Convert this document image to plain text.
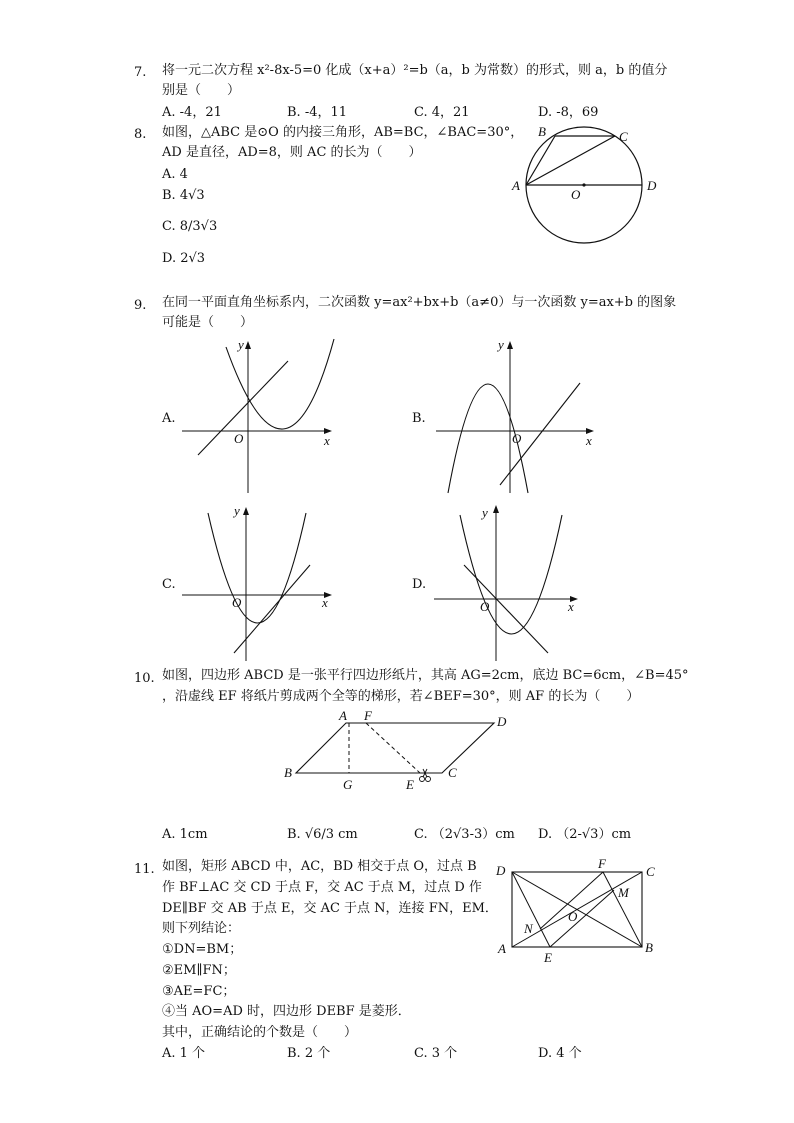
7. 将一元二次方程 x²-8x-5=0 化成（x+a）²=b（a，b 为常数）的形式，则 a，b 的值分
别是（　　）
A. -4，21	B. -4，11	C. 4，21	D. -8，69
8. 如图，△ABC 是⊙O 的内接三角形，AB=BC，∠BAC=30°，
AD 是直径，AD=8，则 AC 的长为（　　）
A. 4
B. 4√3
C. 8/3√3
D. 2√3
B	C
A	D
O
9. 在同一平面直角坐标系内，二次函数 y=ax²+bx+b（a≠0）与一次函数 y=ax+b 的图象
可能是（　　）
A.
y
x
O
B.
y
x
O
C.
y
x
O
D.
y
x
O
10. 如图，四边形 ABCD 是一张平行四边形纸片，其高 AG=2cm，底边 BC=6cm，∠B=45°
，沿虚线 EF 将纸片剪成两个全等的梯形，若∠BEF=30°，则 AF 的长为（　　）
A F	D
B
G	E
C
A. 1cm	B. √6/3 cm	C. （2√3-3）cm D. （2-√3）cm
11. 如图，矩形 ABCD 中，AC，BD 相交于点 O，过点 B
作 BF⊥AC 交 CD 于点 F，交 AC 于点 M，过点 D 作
DE∥BF 交 AB 于点 E，交 AC 于点 N，连接 FN，EM．
则下列结论：
①DN=BM；
②EM∥FN；
③AE=FC；
④当 AO=AD 时，四边形 DEBF 是菱形．
其中，正确结论的个数是（　　）
A. 1 个	B. 2 个	C. 3 个	D. 4 个
D	F
C
M
O
N
A
E
B
